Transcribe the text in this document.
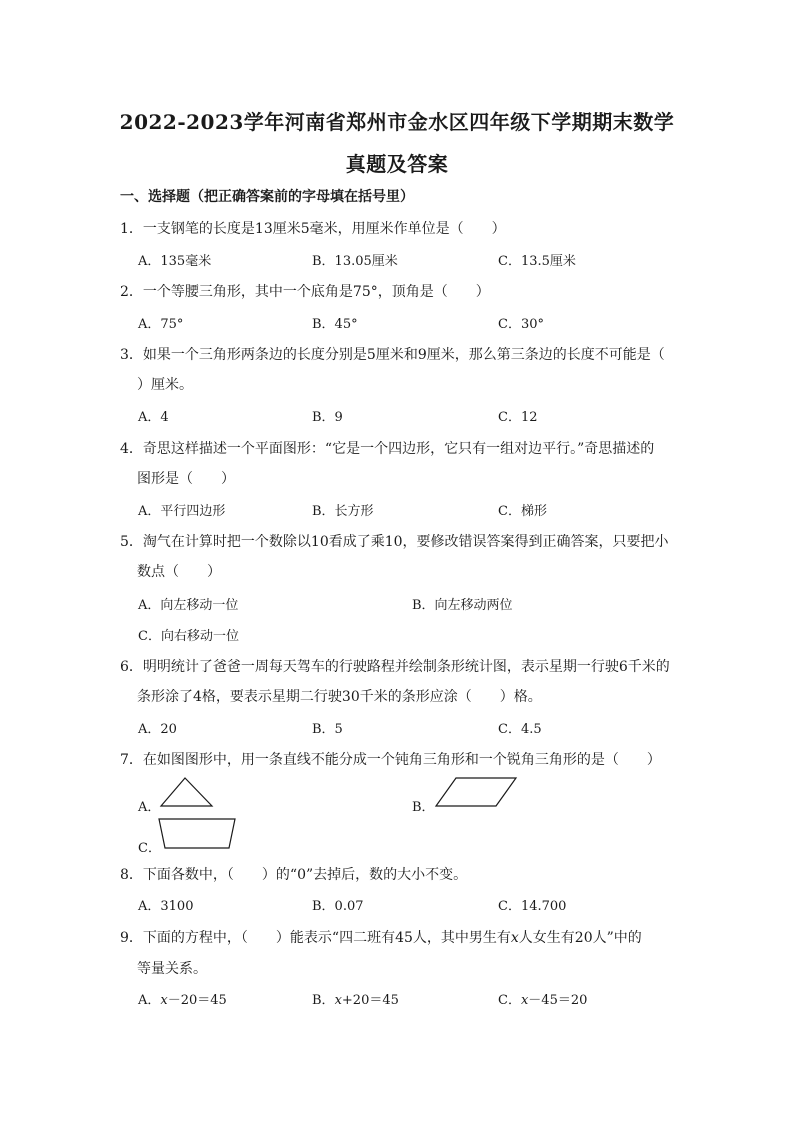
2022-2023学年河南省郑州市金水区四年级下学期期末数学
真题及答案
一、选择题（把正确答案前的字母填在括号里）
1．一支钢笔的长度是13厘米5毫米，用厘米作单位是（　　）
A．135毫米	B．13.05厘米	C．13.5厘米
2．一个等腰三角形，其中一个底角是75°，顶角是（　　）
A．75°	B．45°	C．30°
3．如果一个三角形两条边的长度分别是5厘米和9厘米，那么第三条边的长度不可能是（
）厘米。
A．4	B．9	C．12
4．奇思这样描述一个平面图形：“它是一个四边形，它只有一组对边平行。”奇思描述的
图形是（　　）
A．平行四边形	B．长方形	C．梯形
5．淘气在计算时把一个数除以10看成了乘10，要修改错误答案得到正确答案，只要把小
数点（　　）
A．向左移动一位	B．向左移动两位
C．向右移动一位
6．明明统计了爸爸一周每天驾车的行驶路程并绘制条形统计图，表示星期一行驶6千米的
条形涂了4格，要表示星期二行驶30千米的条形应涂（　　）格。
A．20	B．5	C．4.5
7．在如图图形中，用一条直线不能分成一个钝角三角形和一个锐角三角形的是（　　）
A．	B．
C．
8．下面各数中，（　　）的“0”去掉后，数的大小不变。
A．3100	B．0.07	C．14.700
9．下面的方程中，（　　）能表示“四二班有45人，其中男生有x人女生有20人”中的
等量关系。
A．x－20＝45	B．x+20＝45	C．x－45＝20
